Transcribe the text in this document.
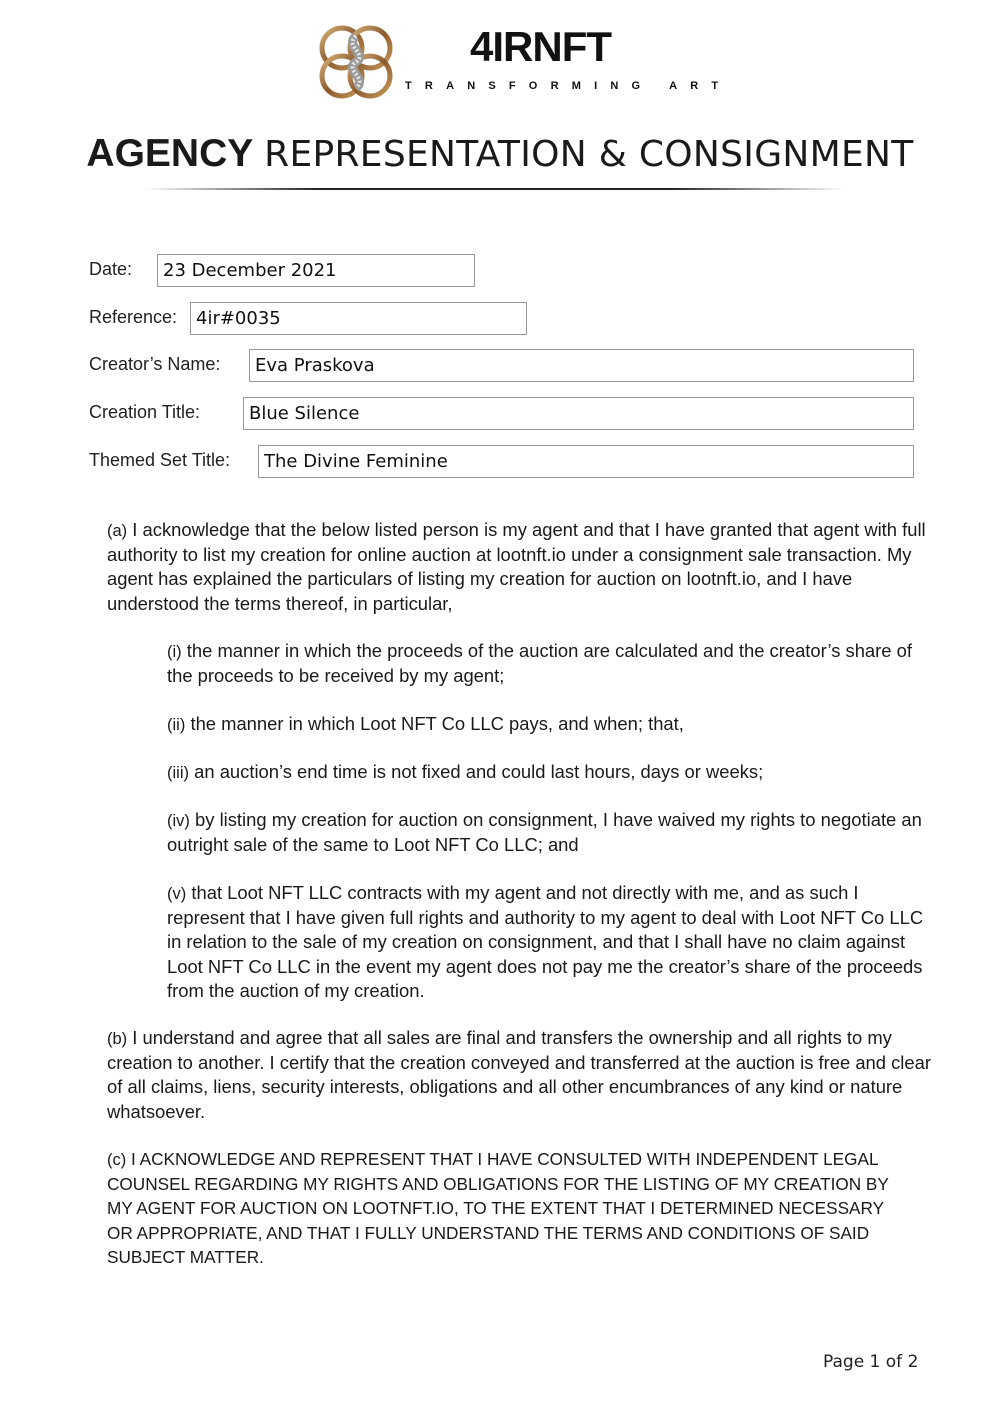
4IRNFT
TRANSFORMING ART
AGENCY REPRESENTATION & CONSIGNMENT
Date:	23 December 2021
Reference:	4ir#0035
Creator’s Name:	Eva Praskova
Creation Title:	Blue Silence
Themed Set Title:	The Divine Feminine

(a) I acknowledge that the below listed person is my agent and that I have granted that agent with full authority to list my creation for online auction at lootnft.io under a consignment sale transaction. My agent has explained the particulars of listing my creation for auction on lootnft.io, and I have understood the terms thereof, in particular,

(i) the manner in which the proceeds of the auction are calculated and the creator’s share of the proceeds to be received by my agent;

(ii) the manner in which Loot NFT Co LLC pays, and when; that,

(iii) an auction’s end time is not fixed and could last hours, days or weeks;

(iv) by listing my creation for auction on consignment, I have waived my rights to negotiate an outright sale of the same to Loot NFT Co LLC; and

(v) that Loot NFT LLC contracts with my agent and not directly with me, and as such I represent that I have given full rights and authority to my agent to deal with Loot NFT Co LLC in relation to the sale of my creation on consignment, and that I shall have no claim against Loot NFT Co LLC in the event my agent does not pay me the creator’s share of the proceeds from the auction of my creation.

(b) I understand and agree that all sales are final and transfers the ownership and all rights to my creation to another. I certify that the creation conveyed and transferred at the auction is free and clear of all claims, liens, security interests, obligations and all other encumbrances of any kind or nature whatsoever.

(c) I ACKNOWLEDGE AND REPRESENT THAT I HAVE CONSULTED WITH INDEPENDENT LEGAL COUNSEL REGARDING MY RIGHTS AND OBLIGATIONS FOR THE LISTING OF MY CREATION BY MY AGENT FOR AUCTION ON LOOTNFT.IO, TO THE EXTENT THAT I DETERMINED NECESSARY OR APPROPRIATE, AND THAT I FULLY UNDERSTAND THE TERMS AND CONDITIONS OF SAID SUBJECT MATTER.

Page 1 of 2
